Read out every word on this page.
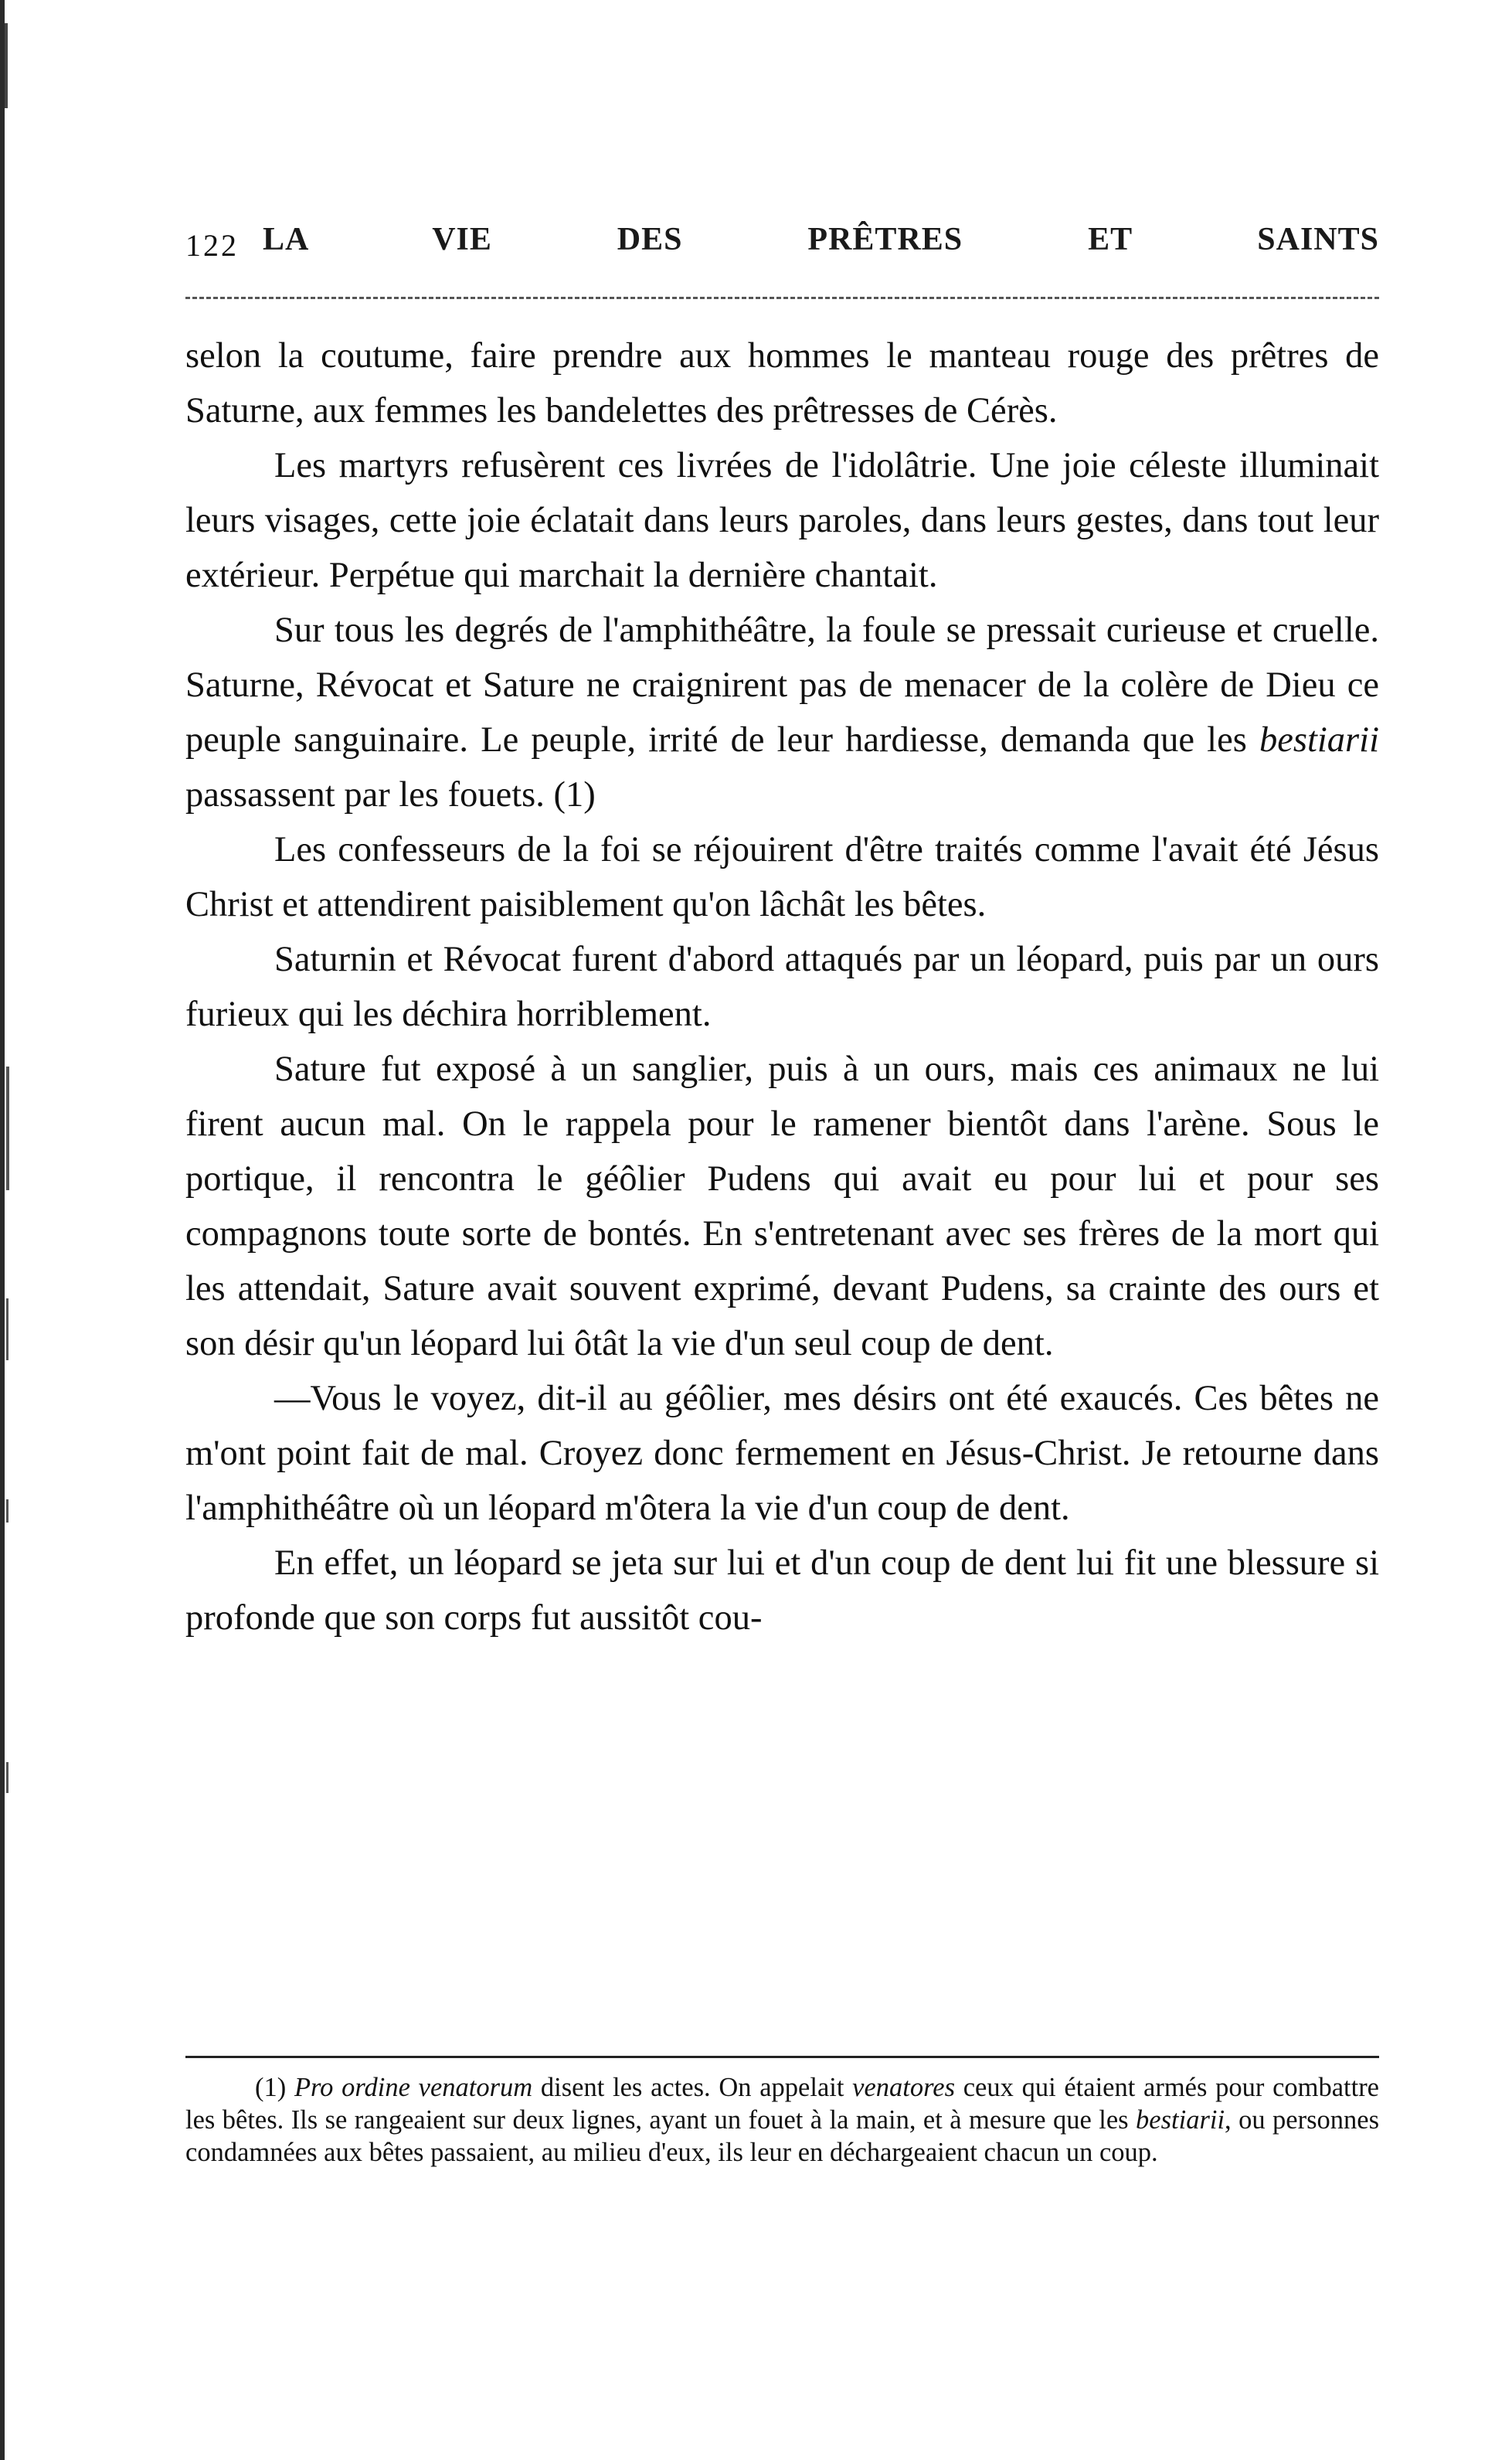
122 LA VIE DES PRÊTRES ET SAINTS

selon la coutume, faire prendre aux hommes le manteau rouge des prêtres de Saturne, aux femmes les bandelettes des prêtresses de Cérès.

Les martyrs refusèrent ces livrées de l'idolâtrie. Une joie céleste illuminait leurs visages, cette joie éclatait dans leurs paroles, dans leurs gestes, dans tout leur extérieur. Perpétue qui marchait la dernière chantait.

Sur tous les degrés de l'amphithéâtre, la foule se pressait curieuse et cruelle. Saturne, Révocat et Sature ne craignirent pas de menacer de la colère de Dieu ce peuple sanguinaire. Le peuple, irrité de leur hardiesse, demanda que les bestiarii passassent par les fouets. (1)

Les confesseurs de la foi se réjouirent d'être traités comme l'avait été Jésus Christ et attendirent paisiblement qu'on lâchât les bêtes.

Saturnin et Révocat furent d'abord attaqués par un léopard, puis par un ours furieux qui les déchira horriblement.

Sature fut exposé à un sanglier, puis à un ours, mais ces animaux ne lui firent aucun mal. On le rappela pour le ramener bientôt dans l'arène. Sous le portique, il rencontra le géôlier Pudens qui avait eu pour lui et pour ses compagnons toute sorte de bontés. En s'entretenant avec ses frères de la mort qui les attendait, Sature avait souvent exprimé, devant Pudens, sa crainte des ours et son désir qu'un léopard lui ôtât la vie d'un seul coup de dent.

—Vous le voyez, dit-il au géôlier, mes désirs ont été exaucés. Ces bêtes ne m'ont point fait de mal. Croyez donc fermement en Jésus-Christ. Je retourne dans l'amphithéâtre où un léopard m'ôtera la vie d'un coup de dent.

En effet, un léopard se jeta sur lui et d'un coup de dent lui fit une blessure si profonde que son corps fut aussitôt cou-

(1) Pro ordine venatorum disent les actes. On appelait venatores ceux qui étaient armés pour combattre les bêtes. Ils se rangeaient sur deux lignes, ayant un fouet à la main, et à mesure que les bestiarii, ou personnes condamnées aux bêtes passaient, au milieu d'eux, ils leur en déchargeaient chacun un coup.
